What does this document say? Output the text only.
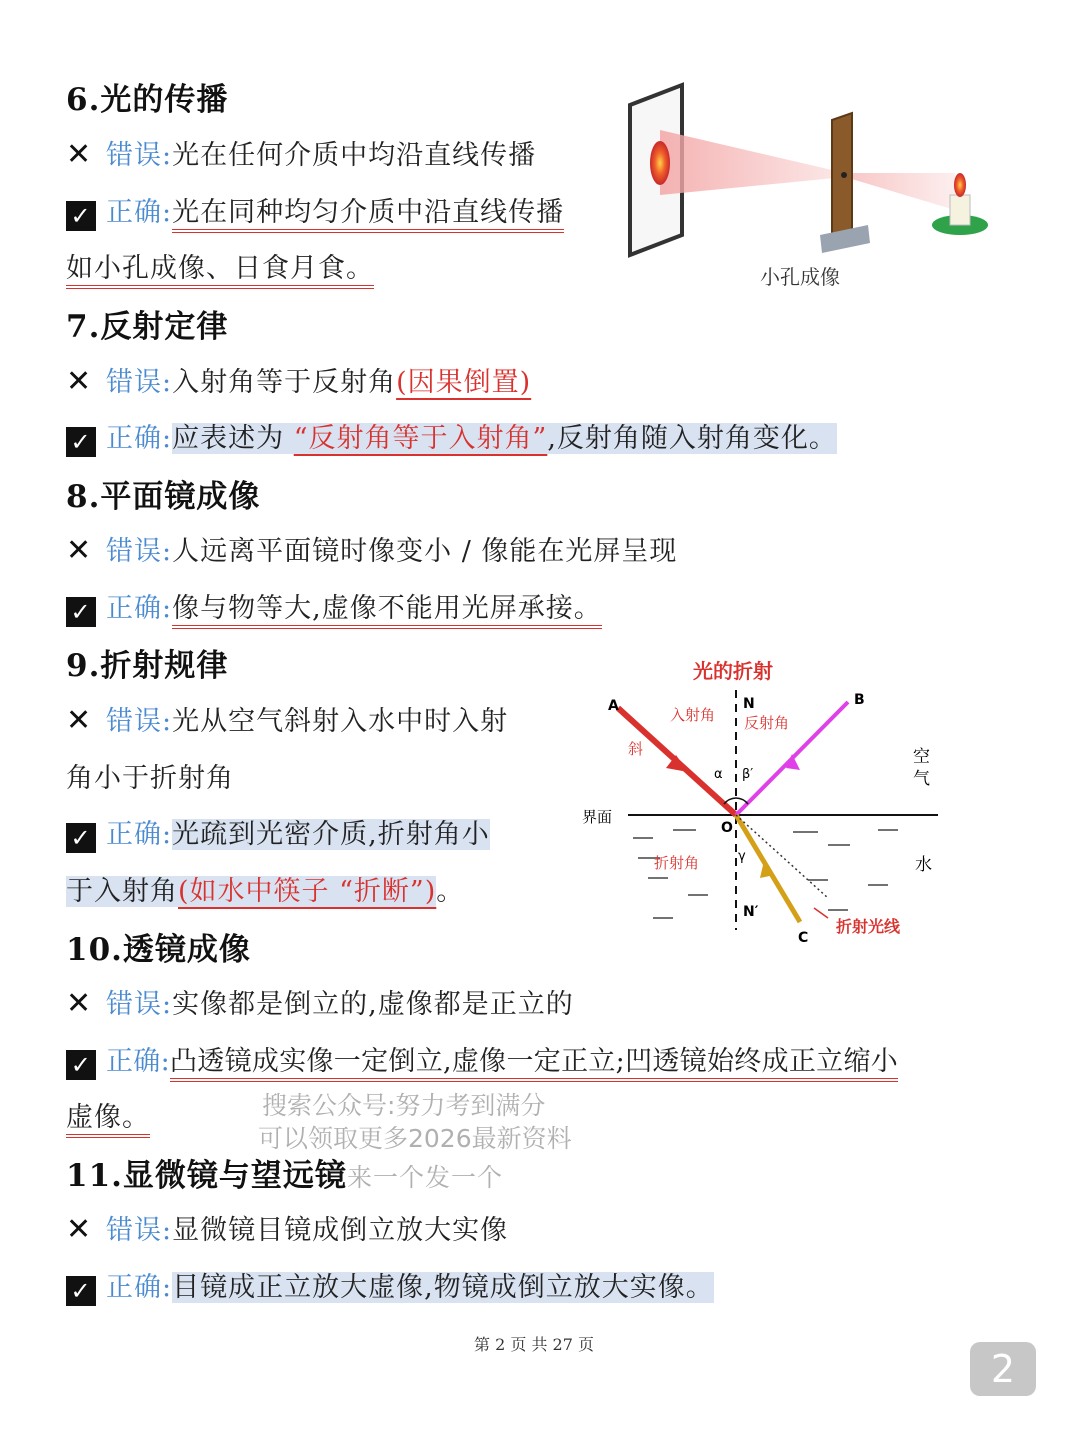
6.光的传播
✕ 错误:光在任何介质中均沿直线传播
✓ 正确:光在同种均匀介质中沿直线传播
如小孔成像、日食月食。	小孔成像
7.反射定律
✕ 错误:入射角等于反射角(因果倒置)
✓ 正确:应表述为 “反射角等于入射角”,反射角随入射角变化。
8.平面镜成像
✕ 错误:人远离平面镜时像变小 / 像能在光屏呈现
✓ 正确:像与物等大,虚像不能用光屏承接。
9.折射规律
✕ 错误:光从空气斜射入水中时入射
角小于折射角
✓ 正确:光疏到光密介质,折射角小
于入射角(如水中筷子 “折断”)。
光的折射
A	B
C
N
N′
O
入射角 反射角
斜	空
气
界面
折射角	水
折射光线
α β′
γ
10.透镜成像
✕ 错误:实像都是倒立的,虚像都是正立的
✓ 正确:凸透镜成实像一定倒立,虚像一定正立;凹透镜始终成正立缩小
虚像。	搜索公众号:努力考到满分
可以领取更多2026最新资料
11.显微镜与望远镜来一个发一个
✕ 错误:显微镜目镜成倒立放大实像
✓ 正确:目镜成正立放大虚像,物镜成倒立放大实像。
第 2 页 共 27 页
2
